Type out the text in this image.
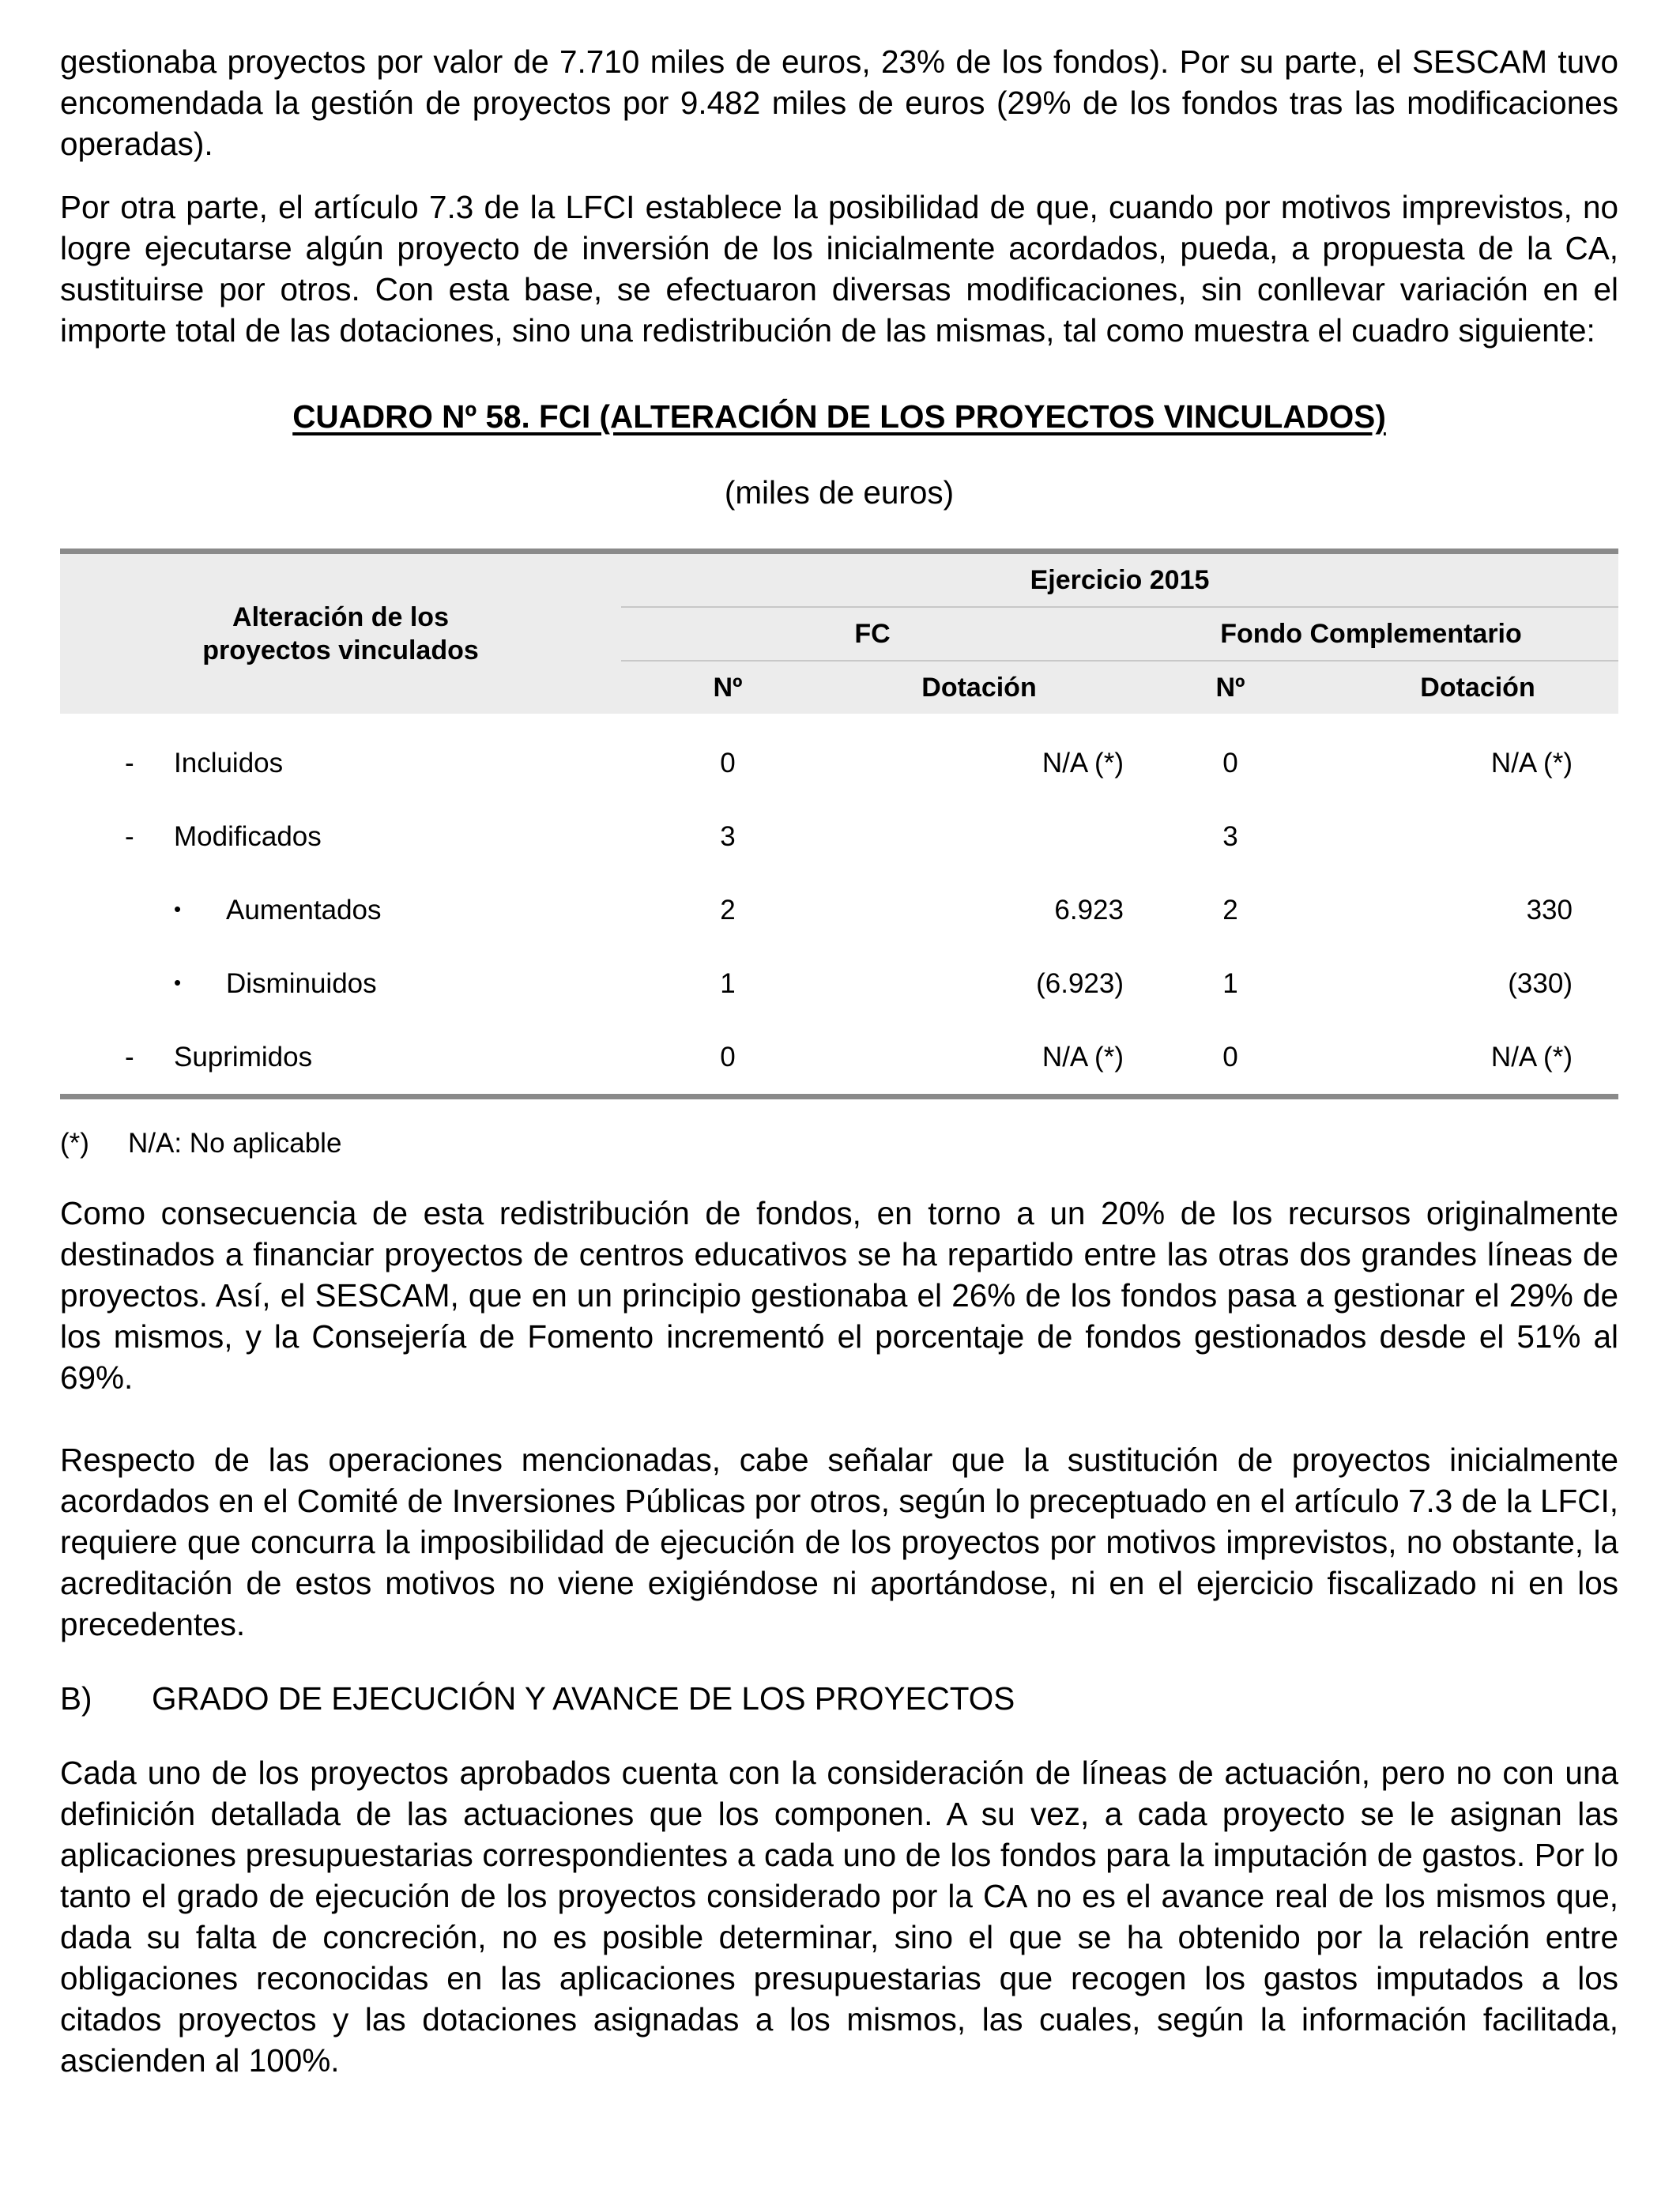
gestionaba proyectos por valor de 7.710 miles de euros, 23% de los fondos). Por su parte, el SESCAM tuvo encomendada la gestión de proyectos por 9.482 miles de euros (29% de los fondos tras las modificaciones operadas).

Por otra parte, el artículo 7.3 de la LFCI establece la posibilidad de que, cuando por motivos imprevistos, no logre ejecutarse algún proyecto de inversión de los inicialmente acordados, pueda, a propuesta de la CA, sustituirse por otros. Con esta base, se efectuaron diversas modificaciones, sin conllevar variación en el importe total de las dotaciones, sino una redistribución de las mismas, tal como muestra el cuadro siguiente:

CUADRO Nº 58. FCI (ALTERACIÓN DE LOS PROYECTOS VINCULADOS)
(miles de euros)
Alteración de los proyectos vinculados	Ejercicio 2015			
	FC		Fondo Complementario	
	Nº	Dotación	Nº	Dotación
- Incluidos	0	N/A (*)	0	N/A (*)
- Modificados	3		3	
• Aumentados	2	6.923	2	330
• Disminuidos	1	(6.923)	1	(330)
- Suprimidos	0	N/A (*)	0	N/A (*)
(*) N/A: No aplicable

Como consecuencia de esta redistribución de fondos, en torno a un 20% de los recursos originalmente destinados a financiar proyectos de centros educativos se ha repartido entre las otras dos grandes líneas de proyectos. Así, el SESCAM, que en un principio gestionaba el 26% de los fondos pasa a gestionar el 29% de los mismos, y la Consejería de Fomento incrementó el porcentaje de fondos gestionados desde el 51% al 69%.

Respecto de las operaciones mencionadas, cabe señalar que la sustitución de proyectos inicialmente acordados en el Comité de Inversiones Públicas por otros, según lo preceptuado en el artículo 7.3 de la LFCI, requiere que concurra la imposibilidad de ejecución de los proyectos por motivos imprevistos, no obstante, la acreditación de estos motivos no viene exigiéndose ni aportándose, ni en el ejercicio fiscalizado ni en los precedentes.

B) GRADO DE EJECUCIÓN Y AVANCE DE LOS PROYECTOS

Cada uno de los proyectos aprobados cuenta con la consideración de líneas de actuación, pero no con una definición detallada de las actuaciones que los componen. A su vez, a cada proyecto se le asignan las aplicaciones presupuestarias correspondientes a cada uno de los fondos para la imputación de gastos. Por lo tanto el grado de ejecución de los proyectos considerado por la CA no es el avance real de los mismos que, dada su falta de concreción, no es posible determinar, sino el que se ha obtenido por la relación entre obligaciones reconocidas en las aplicaciones presupuestarias que recogen los gastos imputados a los citados proyectos y las dotaciones asignadas a los mismos, las cuales, según la información facilitada, ascienden al 100%.
